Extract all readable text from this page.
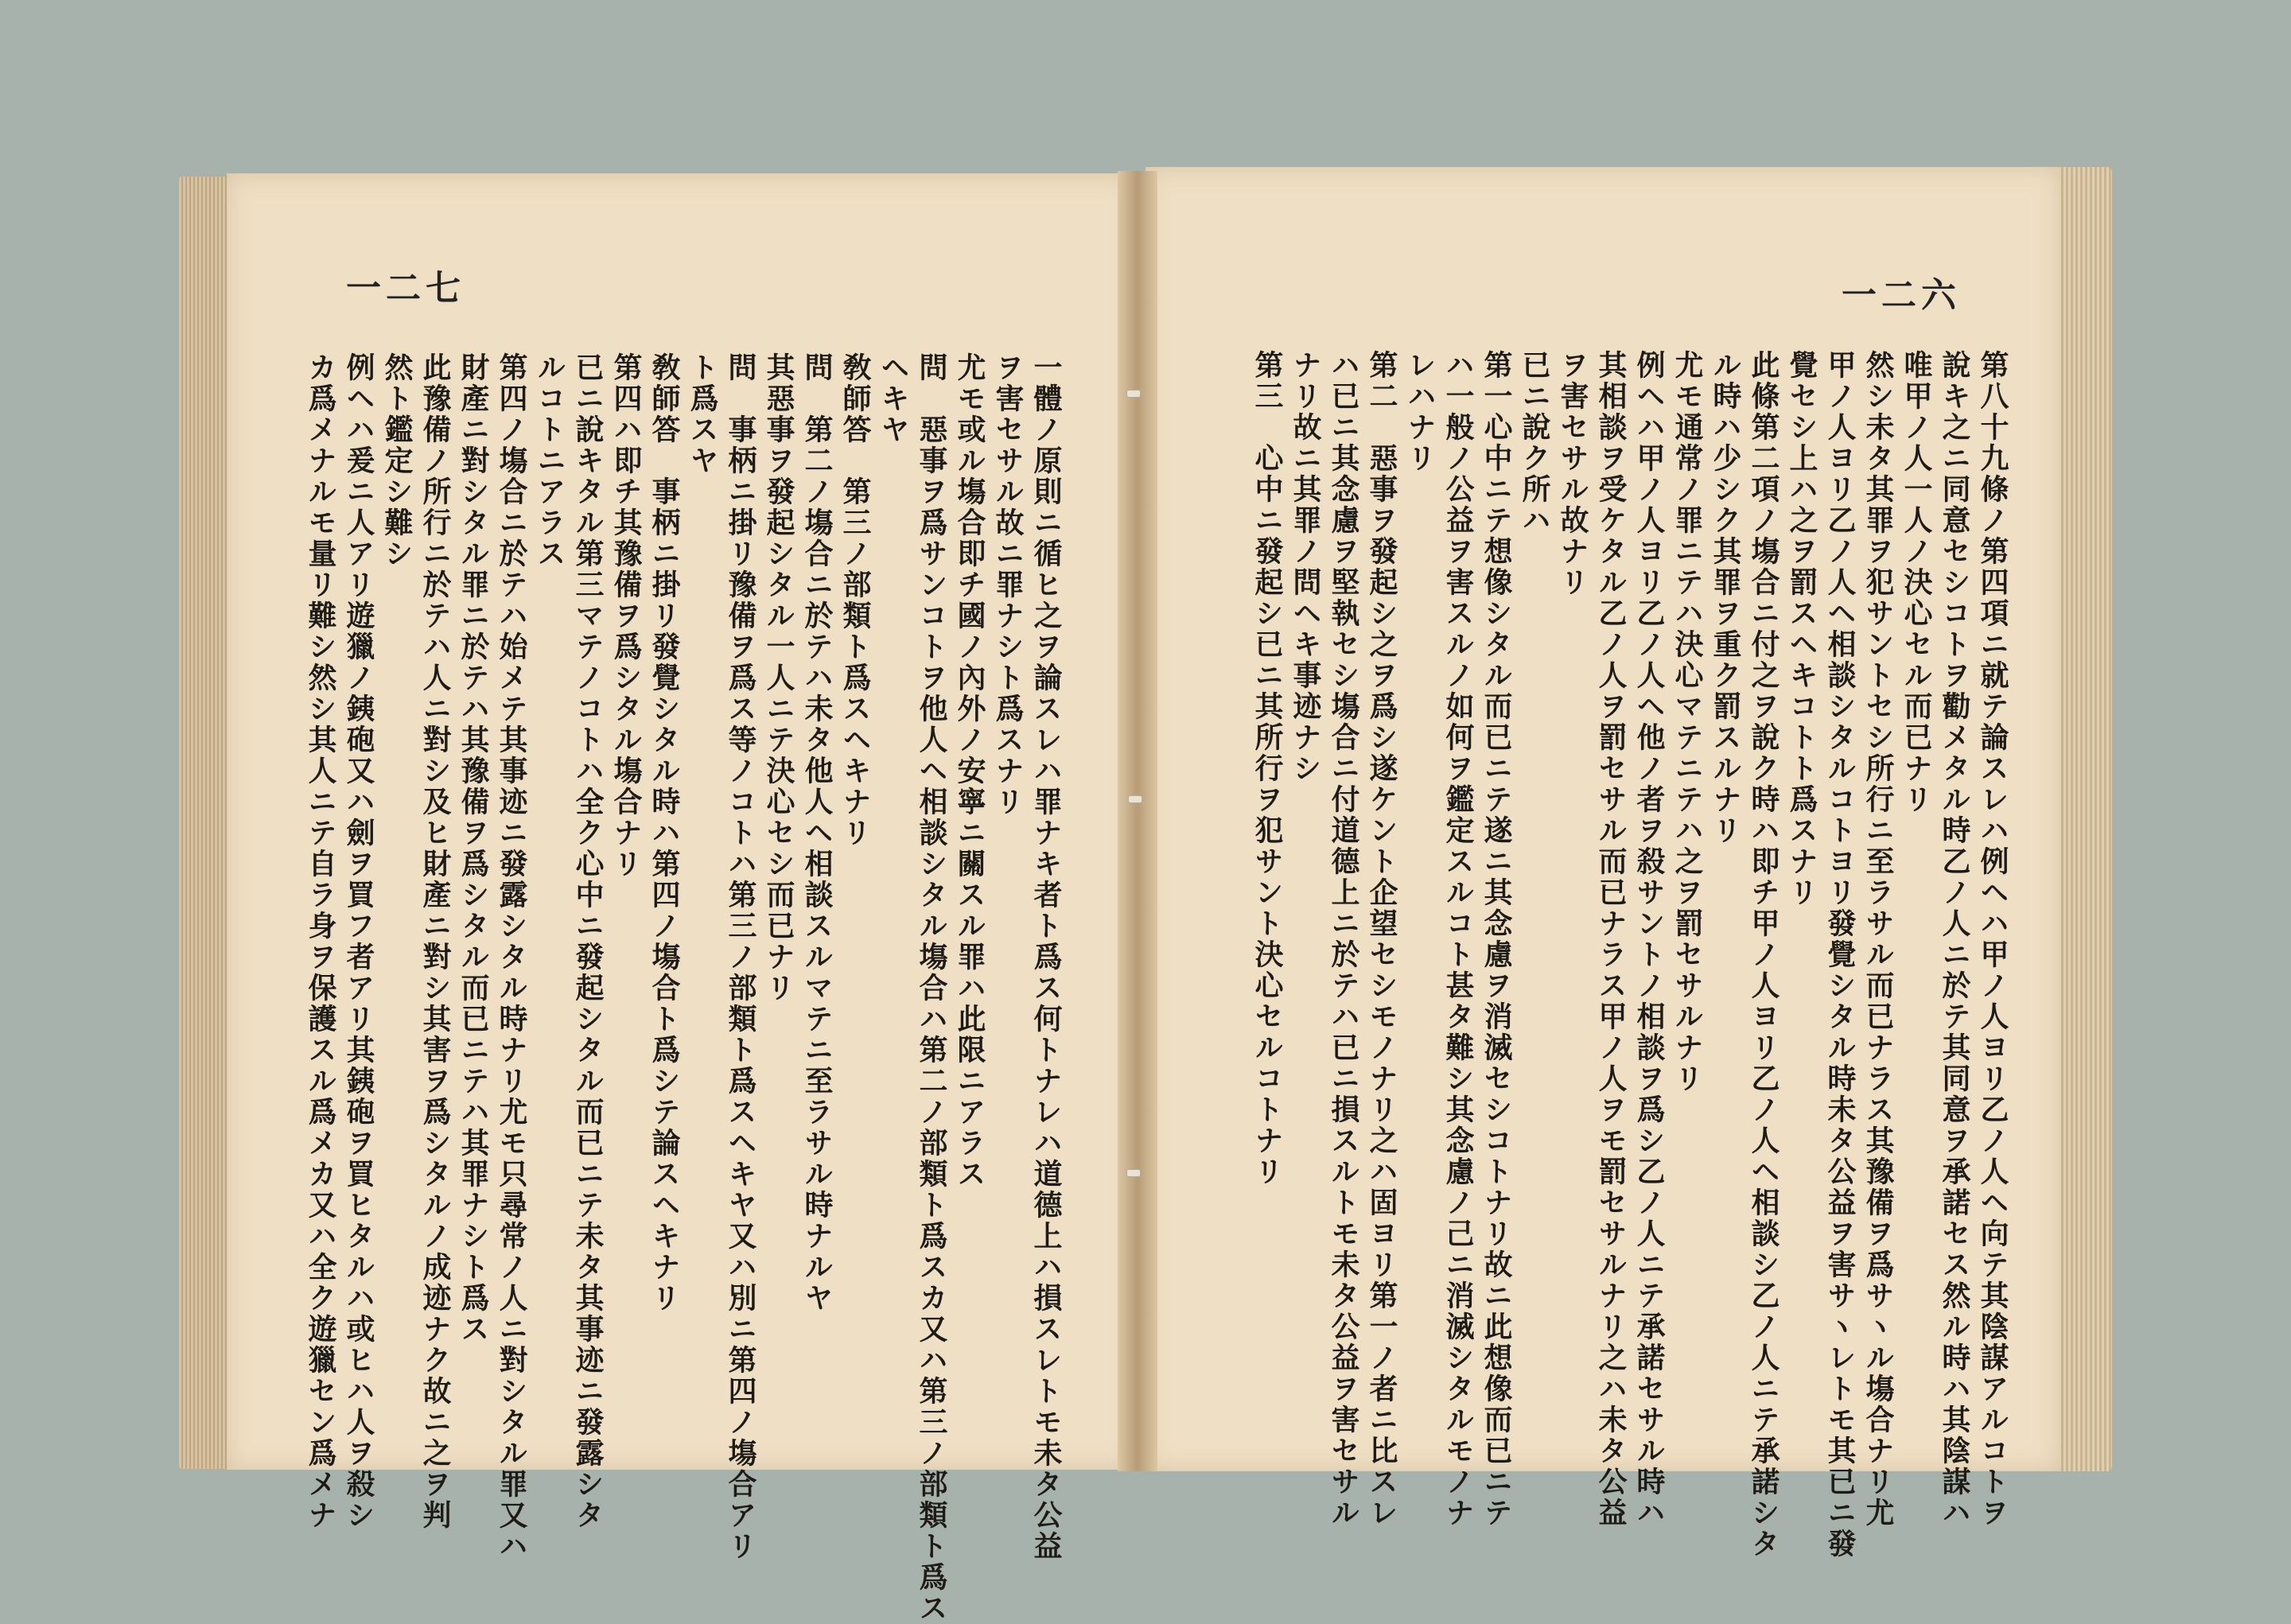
一二七
一體ノ原則ニ循ヒ之ヲ論スレハ罪ナキ者ト爲ス何トナレハ道德上ハ損スレトモ未タ公益
ヲ害セサル故ニ罪ナシト爲スナリ
尤モ或ル塲合即チ國ノ內外ノ安寧ニ關スル罪ハ此限ニアラス
問　惡事ヲ爲サンコトヲ他人ヘ相談シタル塲合ハ第二ノ部類ト爲スカ又ハ第三ノ部類ト爲ス
ヘキヤ
敎師答　第三ノ部類ト爲スヘキナリ
問　第二ノ塲合ニ於テハ未タ他人ヘ相談スルマテニ至ラサル時ナルヤ
其惡事ヲ發起シタル一人ニテ決心セシ而已ナリ
問　事柄ニ掛リ豫備ヲ爲ス等ノコトハ第三ノ部類ト爲スヘキヤ又ハ別ニ第四ノ塲合アリ
ト爲スヤ
敎師答　事柄ニ掛リ發覺シタル時ハ第四ノ塲合ト爲シテ論スヘキナリ
第四ハ即チ其豫備ヲ爲シタル塲合ナリ
已ニ說キタル第三マテノコトハ全ク心中ニ發起シタル而已ニテ未タ其事迹ニ發露シタ
ルコトニアラス
第四ノ塲合ニ於テハ始メテ其事迹ニ發露シタル時ナリ尤モ只尋常ノ人ニ對シタル罪又ハ
財產ニ對シタル罪ニ於テハ其豫備ヲ爲シタル而已ニテハ其罪ナシト爲ス
此豫備ノ所行ニ於テハ人ニ對シ及ヒ財產ニ對シ其害ヲ爲シタルノ成迹ナク故ニ之ヲ判
然ト鑑定シ難シ
例ヘハ爰ニ人アリ遊獵ノ銕砲又ハ劍ヲ買フ者アリ其銕砲ヲ買ヒタルハ或ヒハ人ヲ殺シ
カ爲メナルモ量リ難シ然シ其人ニテ自ラ身ヲ保護スル爲メカ又ハ全ク遊獵セン爲メナ
一二六
第八十九條ノ第四項ニ就テ論スレハ例ヘハ甲ノ人ヨリ乙ノ人ヘ向テ其陰謀アルコトヲ
說キ之ニ同意セシコトヲ勸メタル時乙ノ人ニ於テ其同意ヲ承諾セス然ル時ハ其陰謀ハ
唯甲ノ人一人ノ決心セル而已ナリ
然シ未タ其罪ヲ犯サントセシ所行ニ至ラサル而已ナラス其豫備ヲ爲サヽル塲合ナリ尤
甲ノ人ヨリ乙ノ人ヘ相談シタルコトヨリ發覺シタル時未タ公益ヲ害サヽレトモ其已ニ發
覺セシ上ハ之ヲ罰スヘキコトト爲スナリ
此條第二項ノ塲合ニ付之ヲ說ク時ハ即チ甲ノ人ヨリ乙ノ人ヘ相談シ乙ノ人ニテ承諾シタ
ル時ハ少シク其罪ヲ重ク罰スルナリ
尤モ通常ノ罪ニテハ決心マテニテハ之ヲ罰セサルナリ
例ヘハ甲ノ人ヨリ乙ノ人ヘ他ノ者ヲ殺サントノ相談ヲ爲シ乙ノ人ニテ承諾セサル時ハ
其相談ヲ受ケタル乙ノ人ヲ罰セサル而已ナラス甲ノ人ヲモ罰セサルナリ之ハ未タ公益
ヲ害セサル故ナリ
已ニ說ク所ハ
第一心中ニテ想像シタル而已ニテ遂ニ其念慮ヲ消滅セシコトナリ故ニ此想像而已ニテ
ハ一般ノ公益ヲ害スルノ如何ヲ鑑定スルコト甚タ難シ其念慮ノ己ニ消滅シタルモノナ
レハナリ
第二　惡事ヲ發起シ之ヲ爲シ遂ケント企望セシモノナリ之ハ固ヨリ第一ノ者ニ比スレ
ハ已ニ其念慮ヲ堅執セシ塲合ニ付道德上ニ於テハ已ニ損スルトモ未タ公益ヲ害セサル
ナリ故ニ其罪ノ問ヘキ事迹ナシ
第三　心中ニ發起シ已ニ其所行ヲ犯サント決心セルコトナリ
